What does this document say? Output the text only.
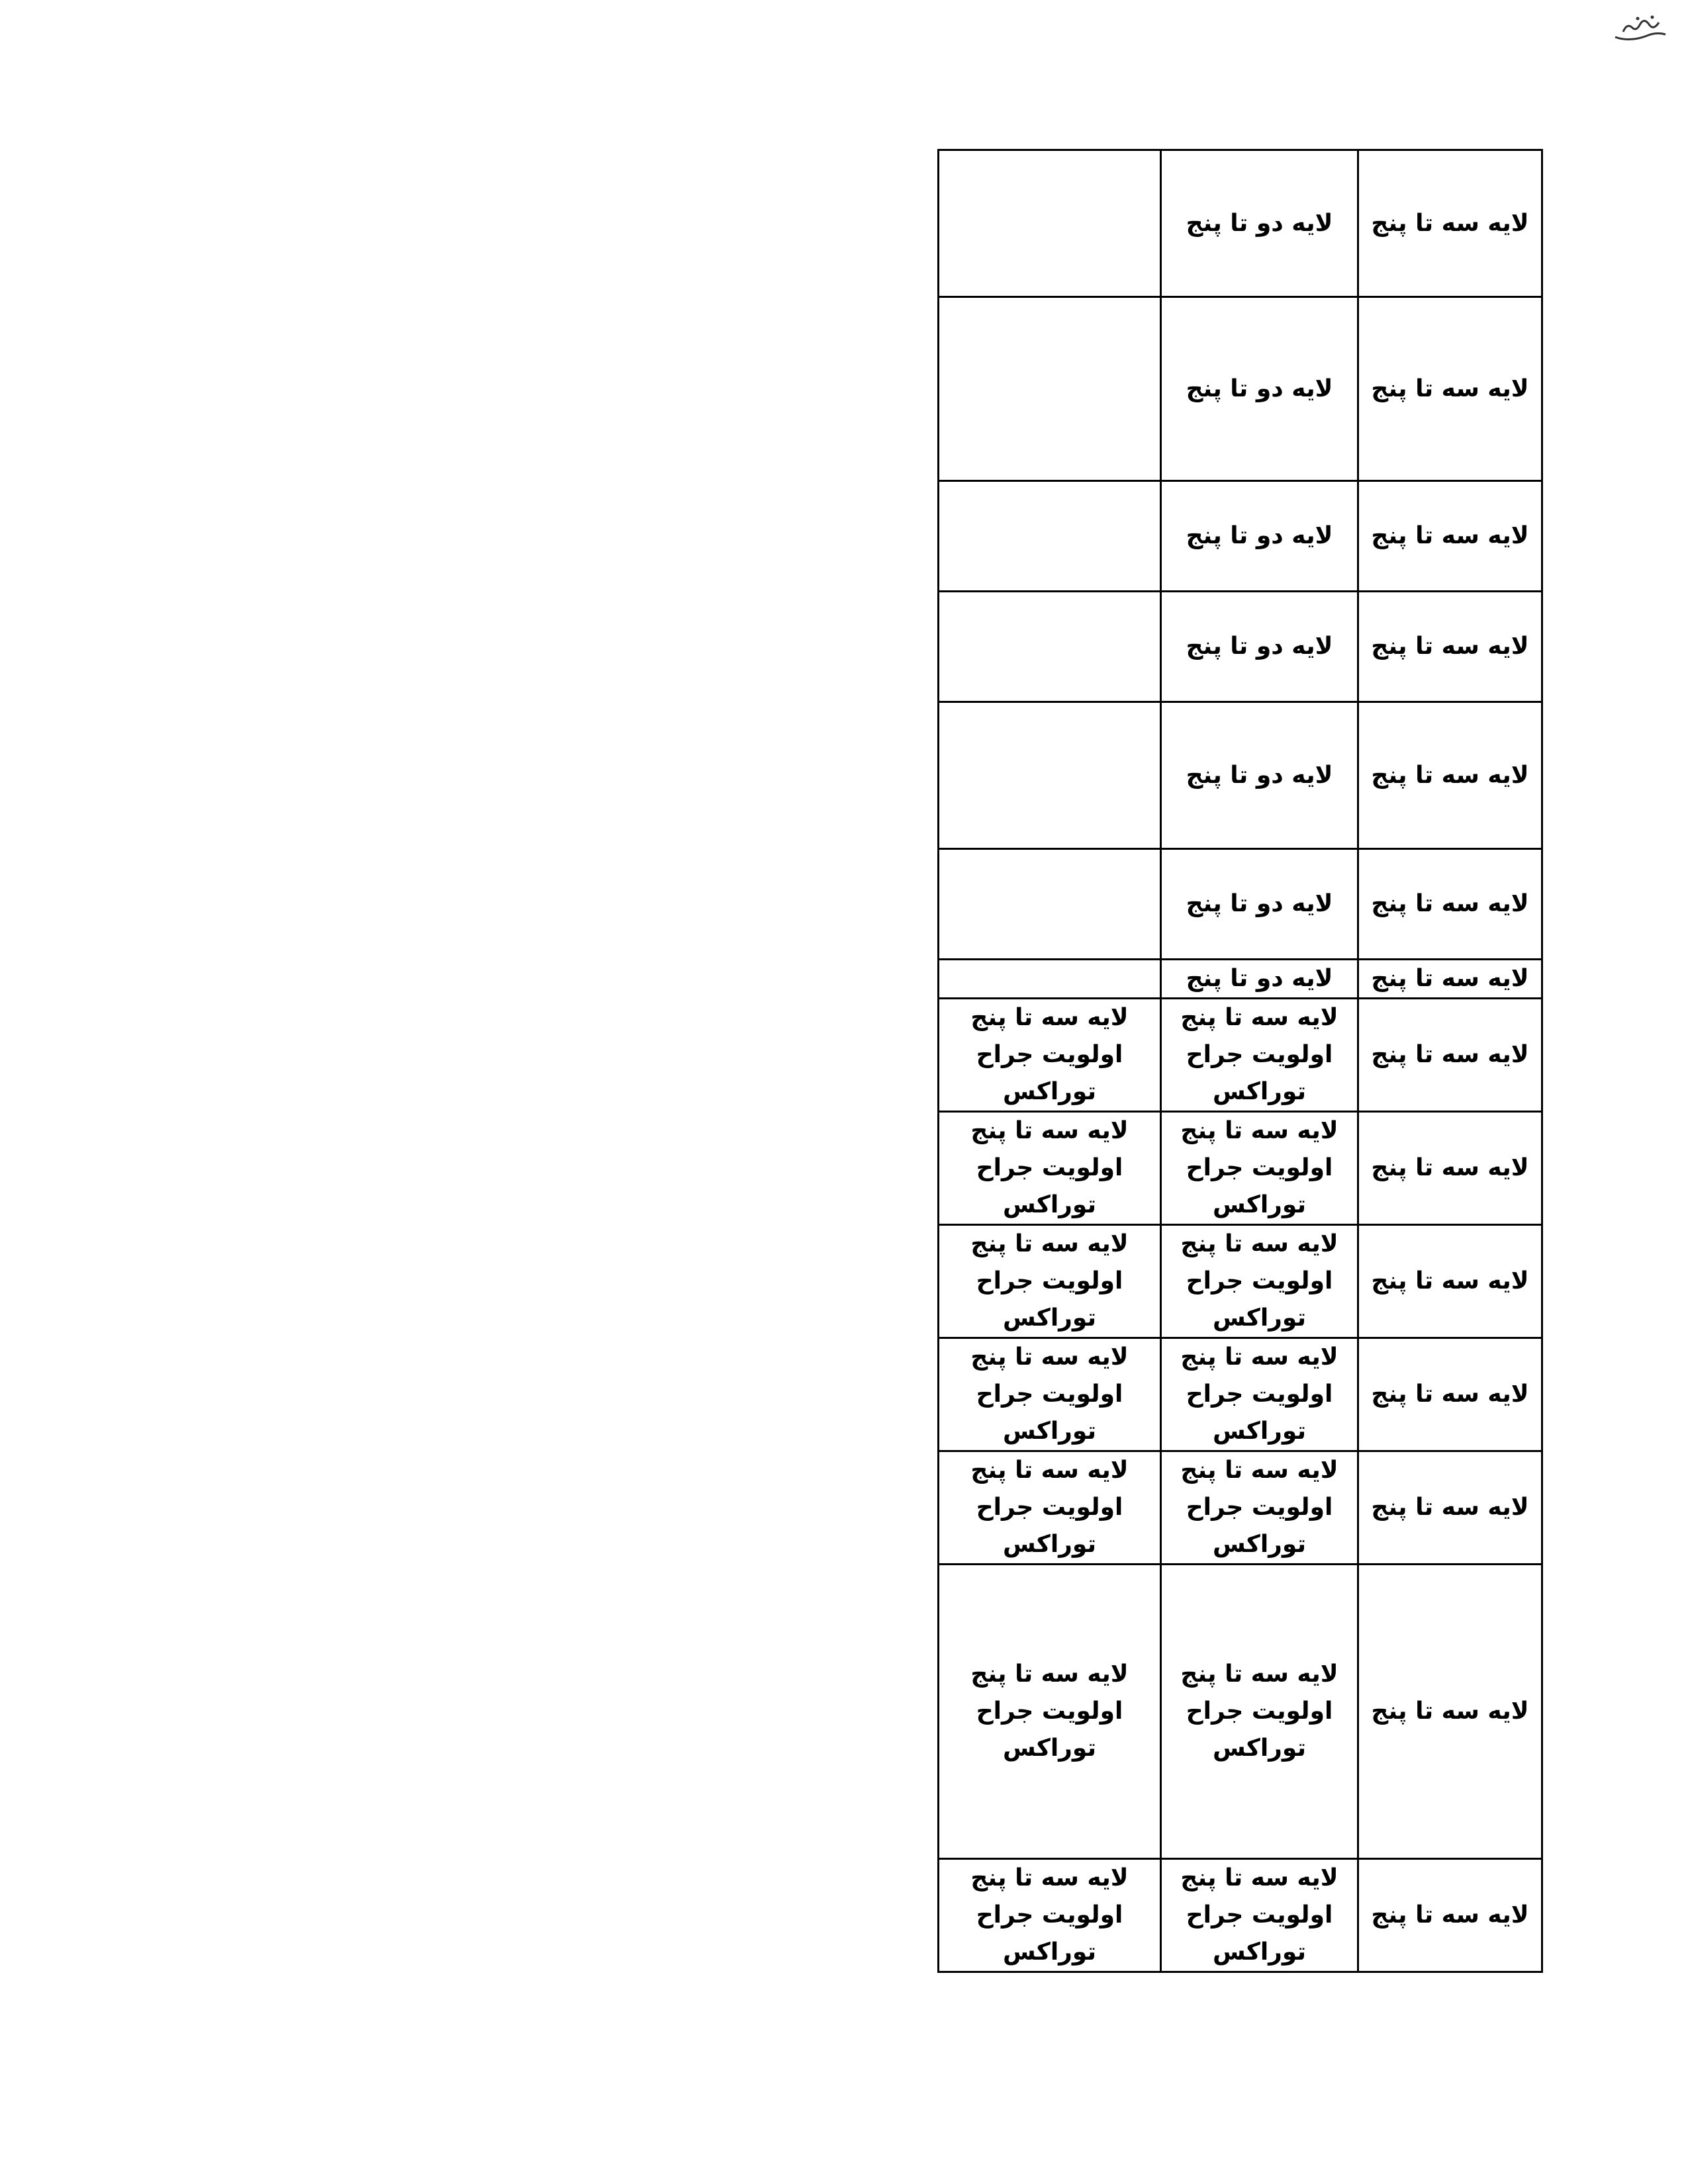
	لایه دو تا پنج	لایه سه تا پنج
	لایه دو تا پنج	لایه سه تا پنج
	لایه دو تا پنج	لایه سه تا پنج
	لایه دو تا پنج	لایه سه تا پنج
	لایه دو تا پنج	لایه سه تا پنج
	لایه دو تا پنج	لایه سه تا پنج
	لایه دو تا پنج	لایه سه تا پنج
لایه سه تا پنج اولویت جراح توراکس	لایه سه تا پنج اولویت جراح توراکس	لایه سه تا پنج
لایه سه تا پنج اولویت جراح توراکس	لایه سه تا پنج اولویت جراح توراکس	لایه سه تا پنج
لایه سه تا پنج اولویت جراح توراکس	لایه سه تا پنج اولویت جراح توراکس	لایه سه تا پنج
لایه سه تا پنج اولویت جراح توراکس	لایه سه تا پنج اولویت جراح توراکس	لایه سه تا پنج
لایه سه تا پنج اولویت جراح توراکس	لایه سه تا پنج اولویت جراح توراکس	لایه سه تا پنج
لایه سه تا پنج اولویت جراح توراکس	لایه سه تا پنج اولویت جراح توراکس	لایه سه تا پنج
لایه سه تا پنج اولویت جراح توراکس	لایه سه تا پنج اولویت جراح توراکس	لایه سه تا پنج
